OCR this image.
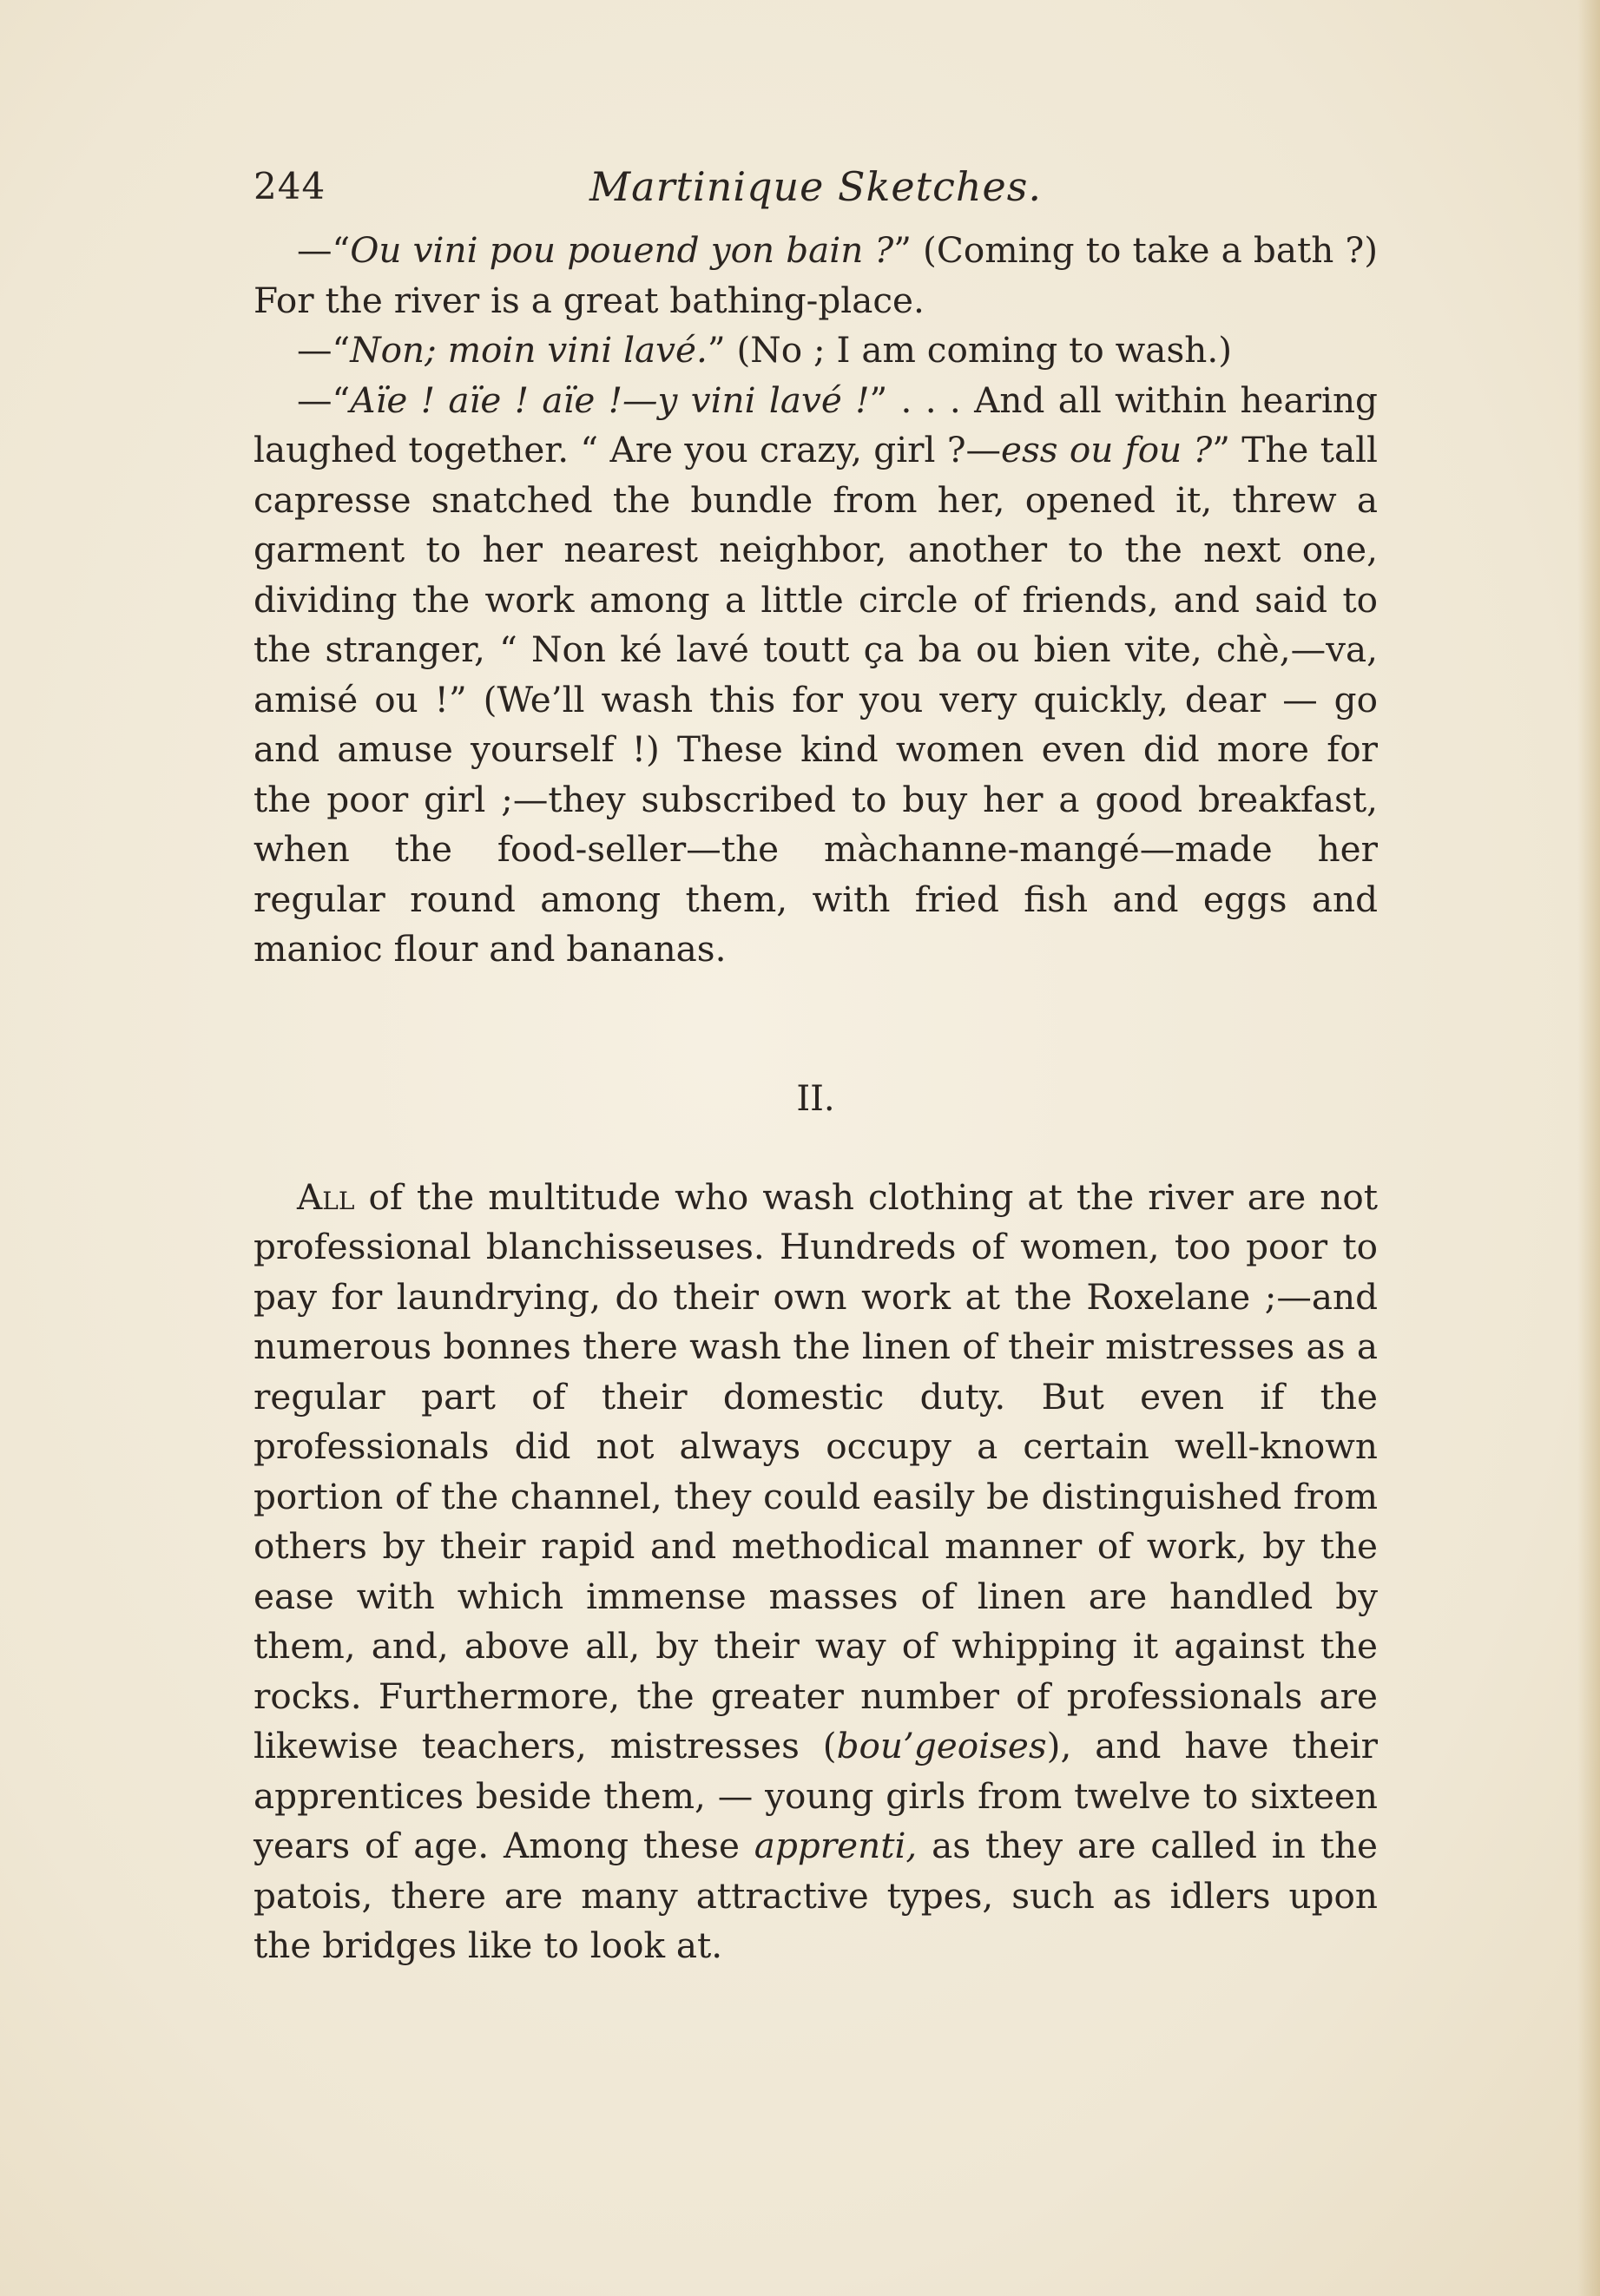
244	Martinique Sketches.

—“Ou vini pou pouend yon bain ?” (Coming to take a bath ?) For the river is a great bathing-place.

—“Non; moin vini lavé.” (No ; I am coming to wash.)

—“Aïe ! aïe ! aïe !—y vini lavé !” . . . And all within hearing laughed together. “ Are you crazy, girl ?—ess ou fou ?” The tall capresse snatched the bundle from her, opened it, threw a garment to her nearest neighbor, another to the next one, dividing the work among a little circle of friends, and said to the stranger, “ Non ké lavé toutt ça ba ou bien vite, chè,—va, amisé ou !” (We’ll wash this for you very quickly, dear — go and amuse yourself !) These kind women even did more for the poor girl ;—they subscribed to buy her a good breakfast, when the food-seller—the màchanne-mangé—made her regular round among them, with fried fish and eggs and manioc flour and bananas.

II.

All of the multitude who wash clothing at the river are not professional blanchisseuses. Hundreds of women, too poor to pay for laundrying, do their own work at the Roxelane ;—and numerous bonnes there wash the linen of their mistresses as a regular part of their domestic duty. But even if the professionals did not always occupy a certain well-known portion of the channel, they could easily be distinguished from others by their rapid and methodical manner of work, by the ease with which immense masses of linen are handled by them, and, above all, by their way of whipping it against the rocks. Furthermore, the greater number of professionals are likewise teachers, mistresses (bou’geoises), and have their apprentices beside them, — young girls from twelve to sixteen years of age. Among these apprenti, as they are called in the patois, there are many attractive types, such as idlers upon the bridges like to look at.
